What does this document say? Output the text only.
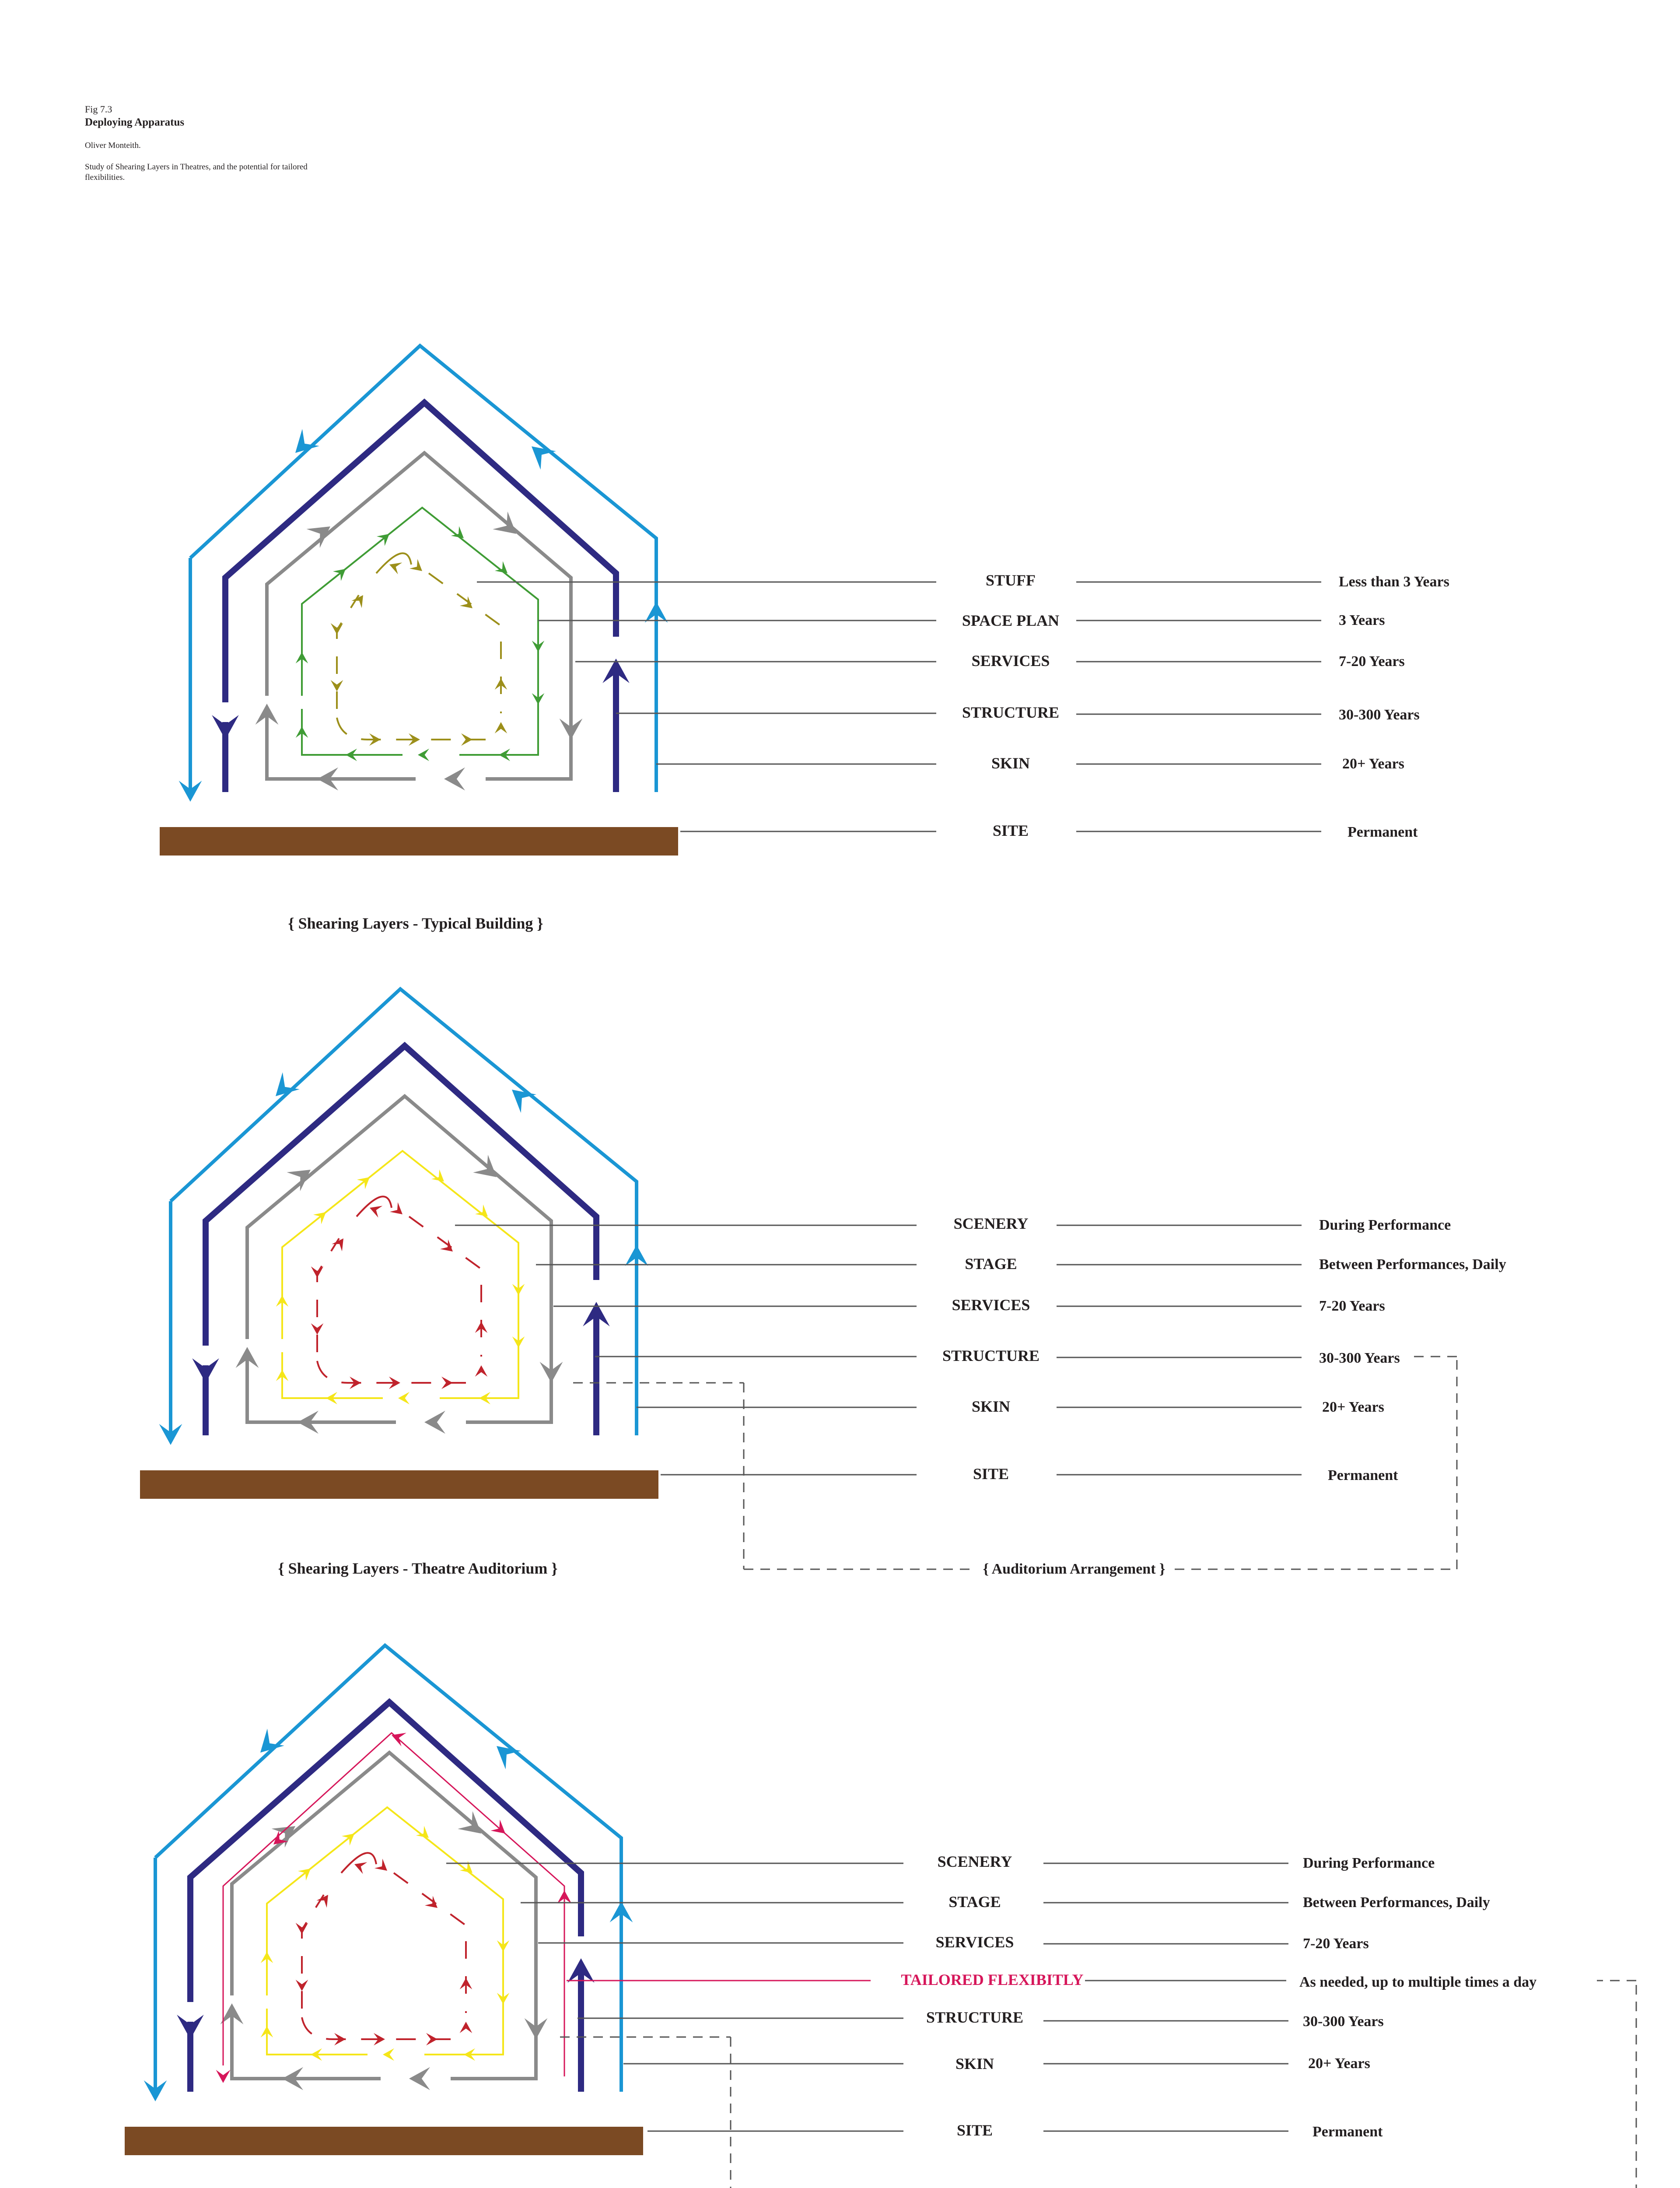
Fig 7.3
Deploying Apparatus
Oliver Monteith.
Study of Shearing Layers in Theatres, and the potential for tailored flexibilities.
STUFF
SPACE PLAN
SERVICES
STRUCTURE
SKIN
SITE
Less than 3 Years
3 Years
7-20 Years
30-300 Years
20+ Years
Permanent
{ Shearing Layers - Typical Building }
SCENERY
STAGE
SERVICES
STRUCTURE
SKIN
SITE
During Performance
Between Performances, Daily
7-20 Years
30-300 Years
20+ Years
Permanent
{ Shearing Layers - Theatre Auditorium }	{ Auditorium Arrangement }
SCENERY
STAGE
SERVICES
TAILORED FLEXIBITLY
STRUCTURE
SKIN
SITE
During Performance
Between Performances, Daily
7-20 Years
As needed, up to multiple times a day
30-300 Years
20+ Years
Permanent
